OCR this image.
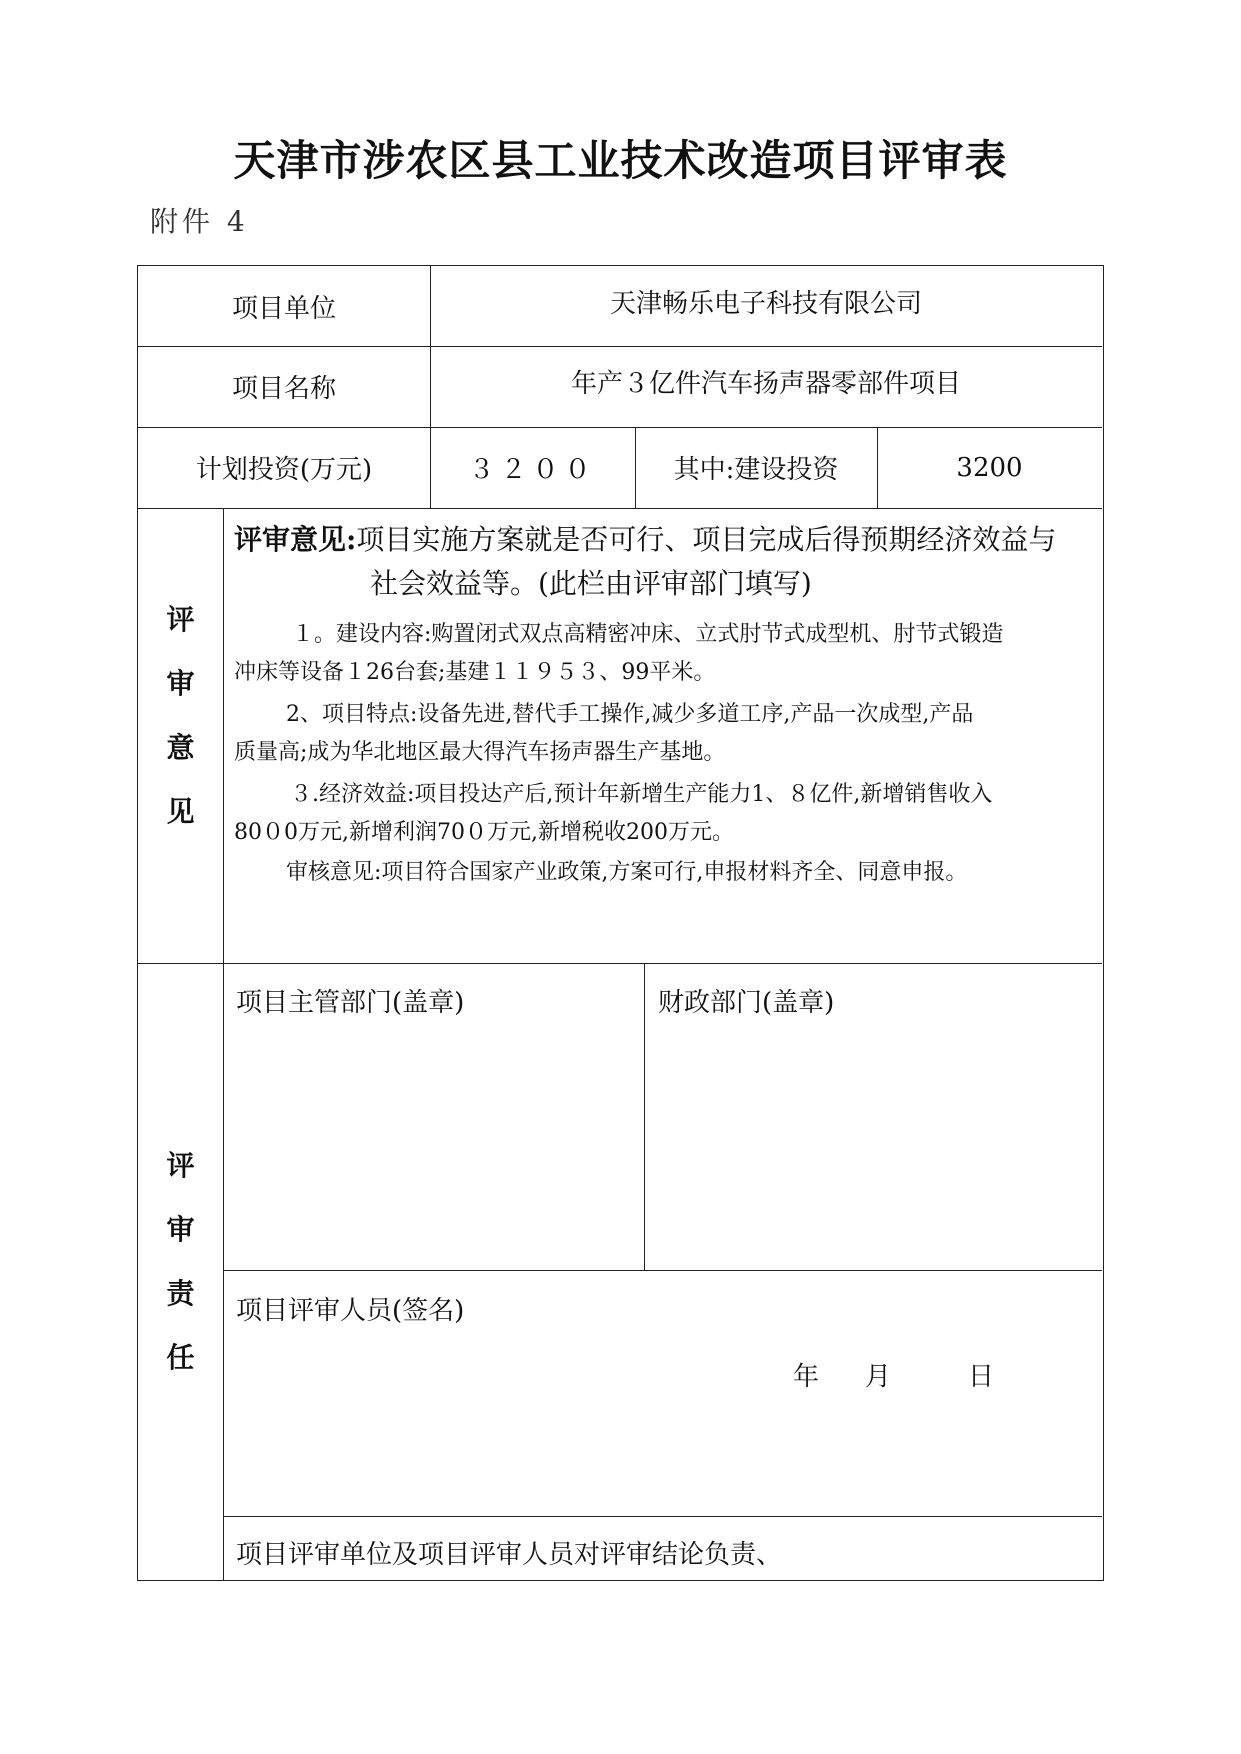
天津市涉农区县工业技术改造项目评审表
附件 4
项目单位	天津畅乐电子科技有限公司
项目名称	年产３亿件汽车扬声器零部件项目
计划投资(万元)	３２００	其中:建设投资	3200
评
审
意
见
评审意见:项目实施方案就是否可行、项目完成后得预期经济效益与
社会效益等。(此栏由评审部门填写)
１。建设内容:购置闭式双点高精密冲床、立式肘节式成型机、肘节式锻造
冲床等设备１26台套;基建１１９５３、99平米。
2、项目特点:设备先进,替代手工操作,减少多道工序,产品一次成型,产品
质量高;成为华北地区最大得汽车扬声器生产基地。
３.经济效益:项目投达产后,预计年新增生产能力1、８亿件,新增销售收入
80０0万元,新增利润70０万元,新增税收200万元。
审核意见:项目符合国家产业政策,方案可行,申报材料齐全、同意申报。
评
审
责
任
项目主管部门(盖章)	财政部门(盖章)
项目评审人员(签名)
年 月	日
项目评审单位及项目评审人员对评审结论负责、
